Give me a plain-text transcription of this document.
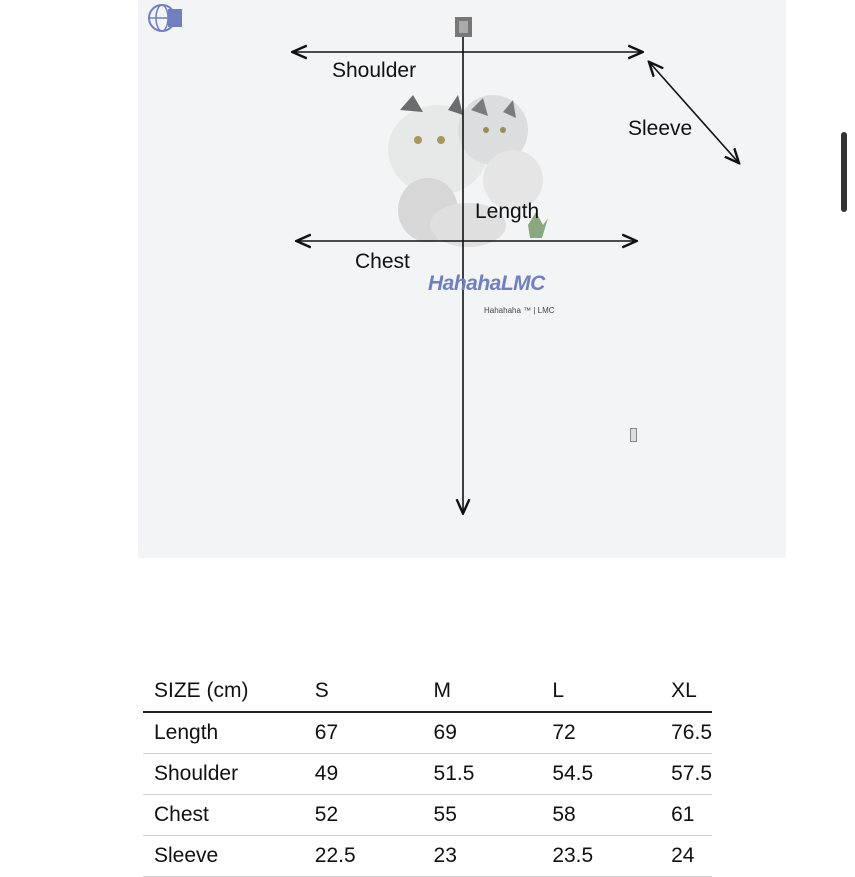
Shoulder
Sleeve
Length
Chest
HahahaLMC
Hahahaha ™ | LMC
SIZE (cm)	S	M	L	XL
Length	67	69	72	76.5
Shoulder	49	51.5	54.5	57.5
Chest	52	55	58	61
Sleeve	22.5	23	23.5	24
